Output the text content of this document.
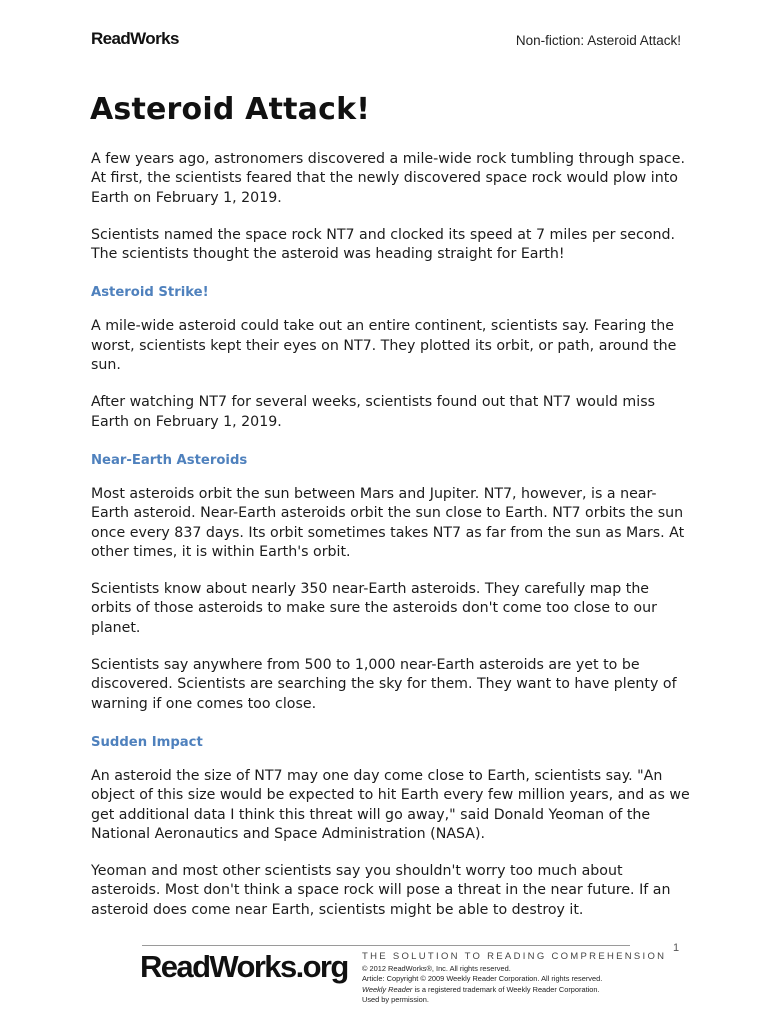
ReadWorks	Non-fiction: Asteroid Attack!
Asteroid Attack!

A few years ago, astronomers discovered a mile-wide rock tumbling through space. At first, the scientists feared that the newly discovered space rock would plow into Earth on February 1, 2019.

Scientists named the space rock NT7 and clocked its speed at 7 miles per second. The scientists thought the asteroid was heading straight for Earth!

Asteroid Strike!

A mile-wide asteroid could take out an entire continent, scientists say. Fearing the worst, scientists kept their eyes on NT7. They plotted its orbit, or path, around the sun.

After watching NT7 for several weeks, scientists found out that NT7 would miss Earth on February 1, 2019.

Near-Earth Asteroids

Most asteroids orbit the sun between Mars and Jupiter. NT7, however, is a near-Earth asteroid. Near-Earth asteroids orbit the sun close to Earth. NT7 orbits the sun once every 837 days. Its orbit sometimes takes NT7 as far from the sun as Mars. At other times, it is within Earth's orbit.

Scientists know about nearly 350 near-Earth asteroids. They carefully map the orbits of those asteroids to make sure the asteroids don't come too close to our planet.

Scientists say anywhere from 500 to 1,000 near-Earth asteroids are yet to be discovered. Scientists are searching the sky for them. They want to have plenty of warning if one comes too close.

Sudden Impact

An asteroid the size of NT7 may one day come close to Earth, scientists say. "An object of this size would be expected to hit Earth every few million years, and as we get additional data I think this threat will go away," said Donald Yeoman of the National Aeronautics and Space Administration (NASA).

Yeoman and most other scientists say you shouldn't worry too much about asteroids. Most don't think a space rock will pose a threat in the near future. If an asteroid does come near Earth, scientists might be able to destroy it.

1
ReadWorks.org THE SOLUTION TO READING COMPREHENSION
© 2012 ReadWorks®, Inc. All rights reserved.
Article: Copyright © 2009 Weekly Reader Corporation. All rights reserved.
Weekly Reader is a registered trademark of Weekly Reader Corporation.
Used by permission.
